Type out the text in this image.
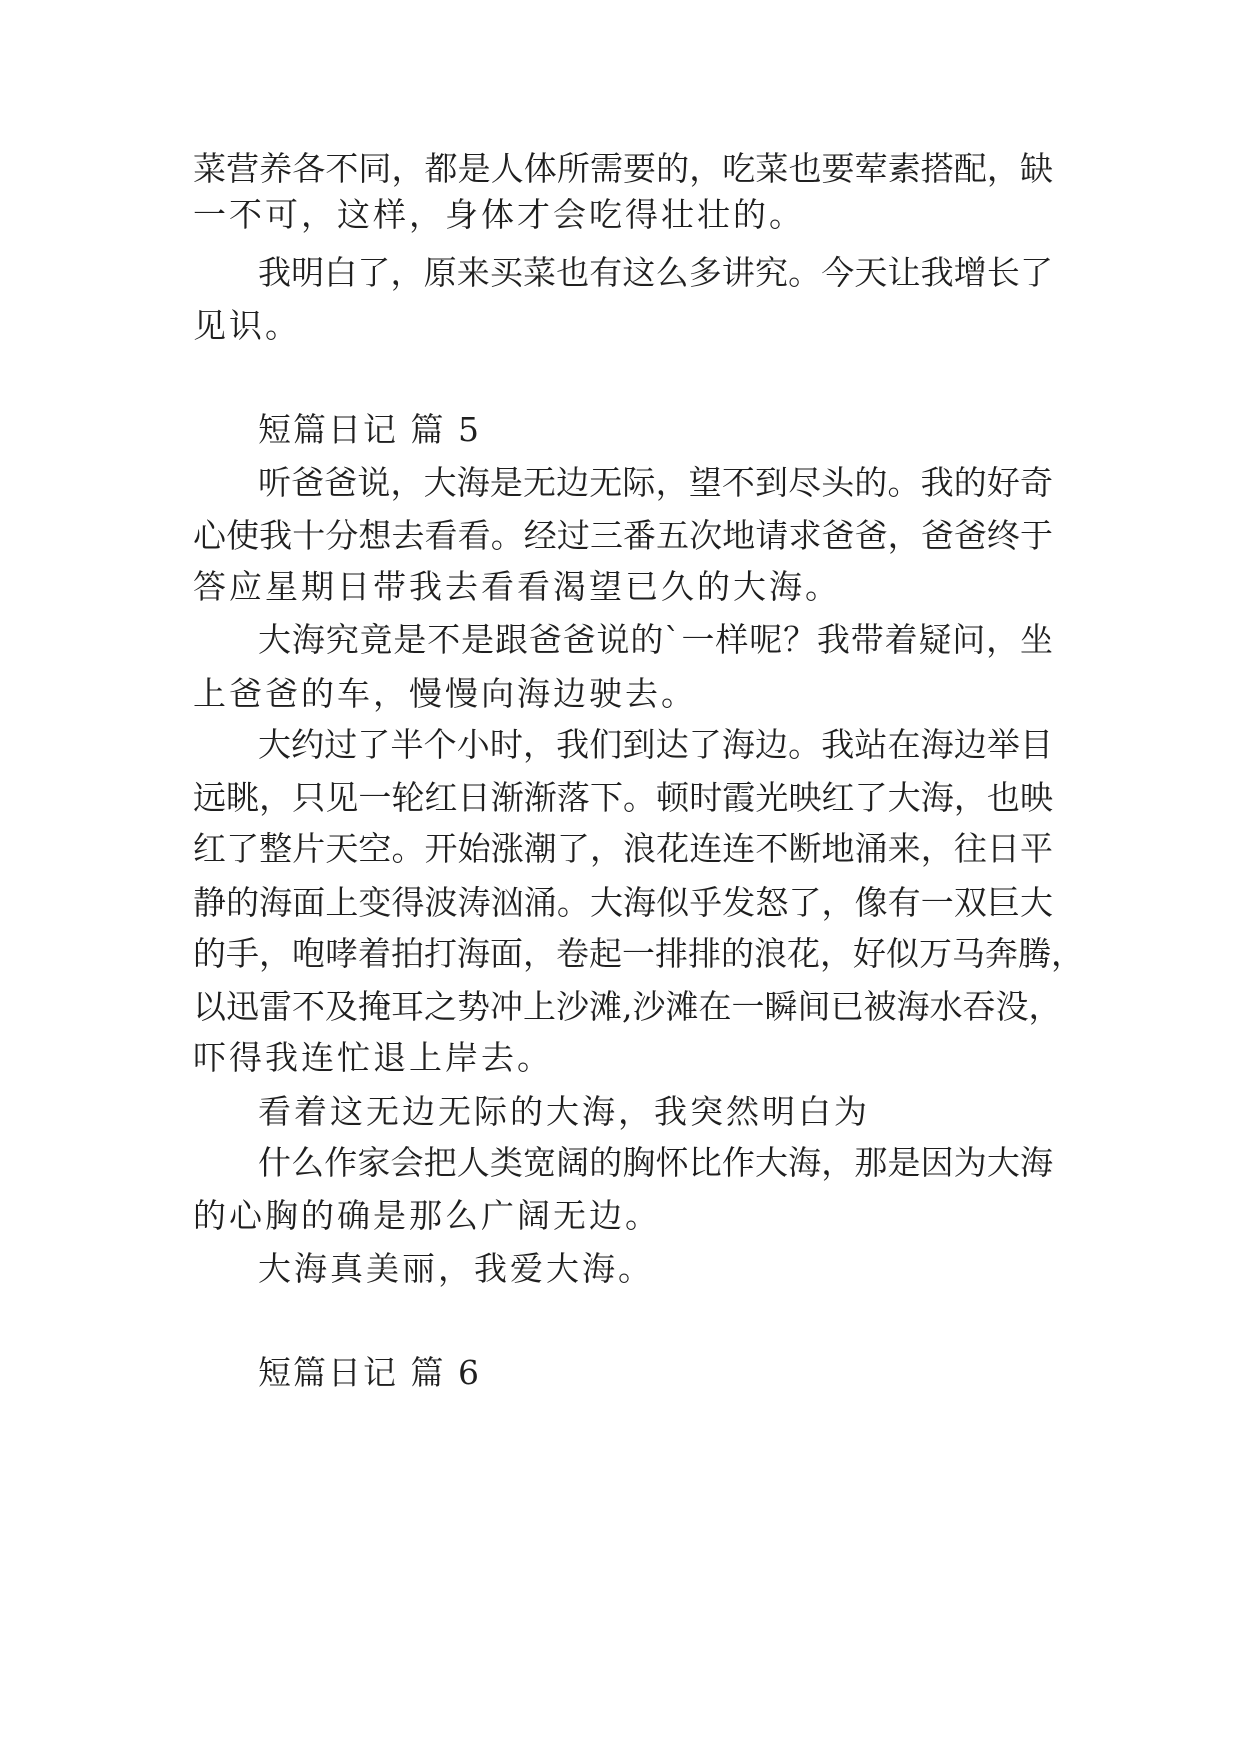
菜营养各不同，都是人体所需要的，吃菜也要荤素搭配，缺
一不可，这样，身体才会吃得壮壮的。
我明白了，原来买菜也有这么多讲究。今天让我增长了
见识。
短篇日记 篇 5
听爸爸说，大海是无边无际，望不到尽头的。我的好奇
心使我十分想去看看。经过三番五次地请求爸爸，爸爸终于
答应星期日带我去看看渴望已久的大海。
大海究竟是不是跟爸爸说的`一样呢？我带着疑问，坐
上爸爸的车，慢慢向海边驶去。
大约过了半个小时，我们到达了海边。我站在海边举目
远眺，只见一轮红日渐渐落下。顿时霞光映红了大海，也映
红了整片天空。开始涨潮了，浪花连连不断地涌来，往日平
静的海面上变得波涛汹涌。大海似乎发怒了，像有一双巨大
的手，咆哮着拍打海面，卷起一排排的浪花，好似万马奔腾，
以迅雷不及掩耳之势冲上沙滩,沙滩在一瞬间已被海水吞没，
吓得我连忙退上岸去。
看着这无边无际的大海，我突然明白为
什么作家会把人类宽阔的胸怀比作大海，那是因为大海
的心胸的确是那么广阔无边。
大海真美丽，我爱大海。
短篇日记 篇 6
